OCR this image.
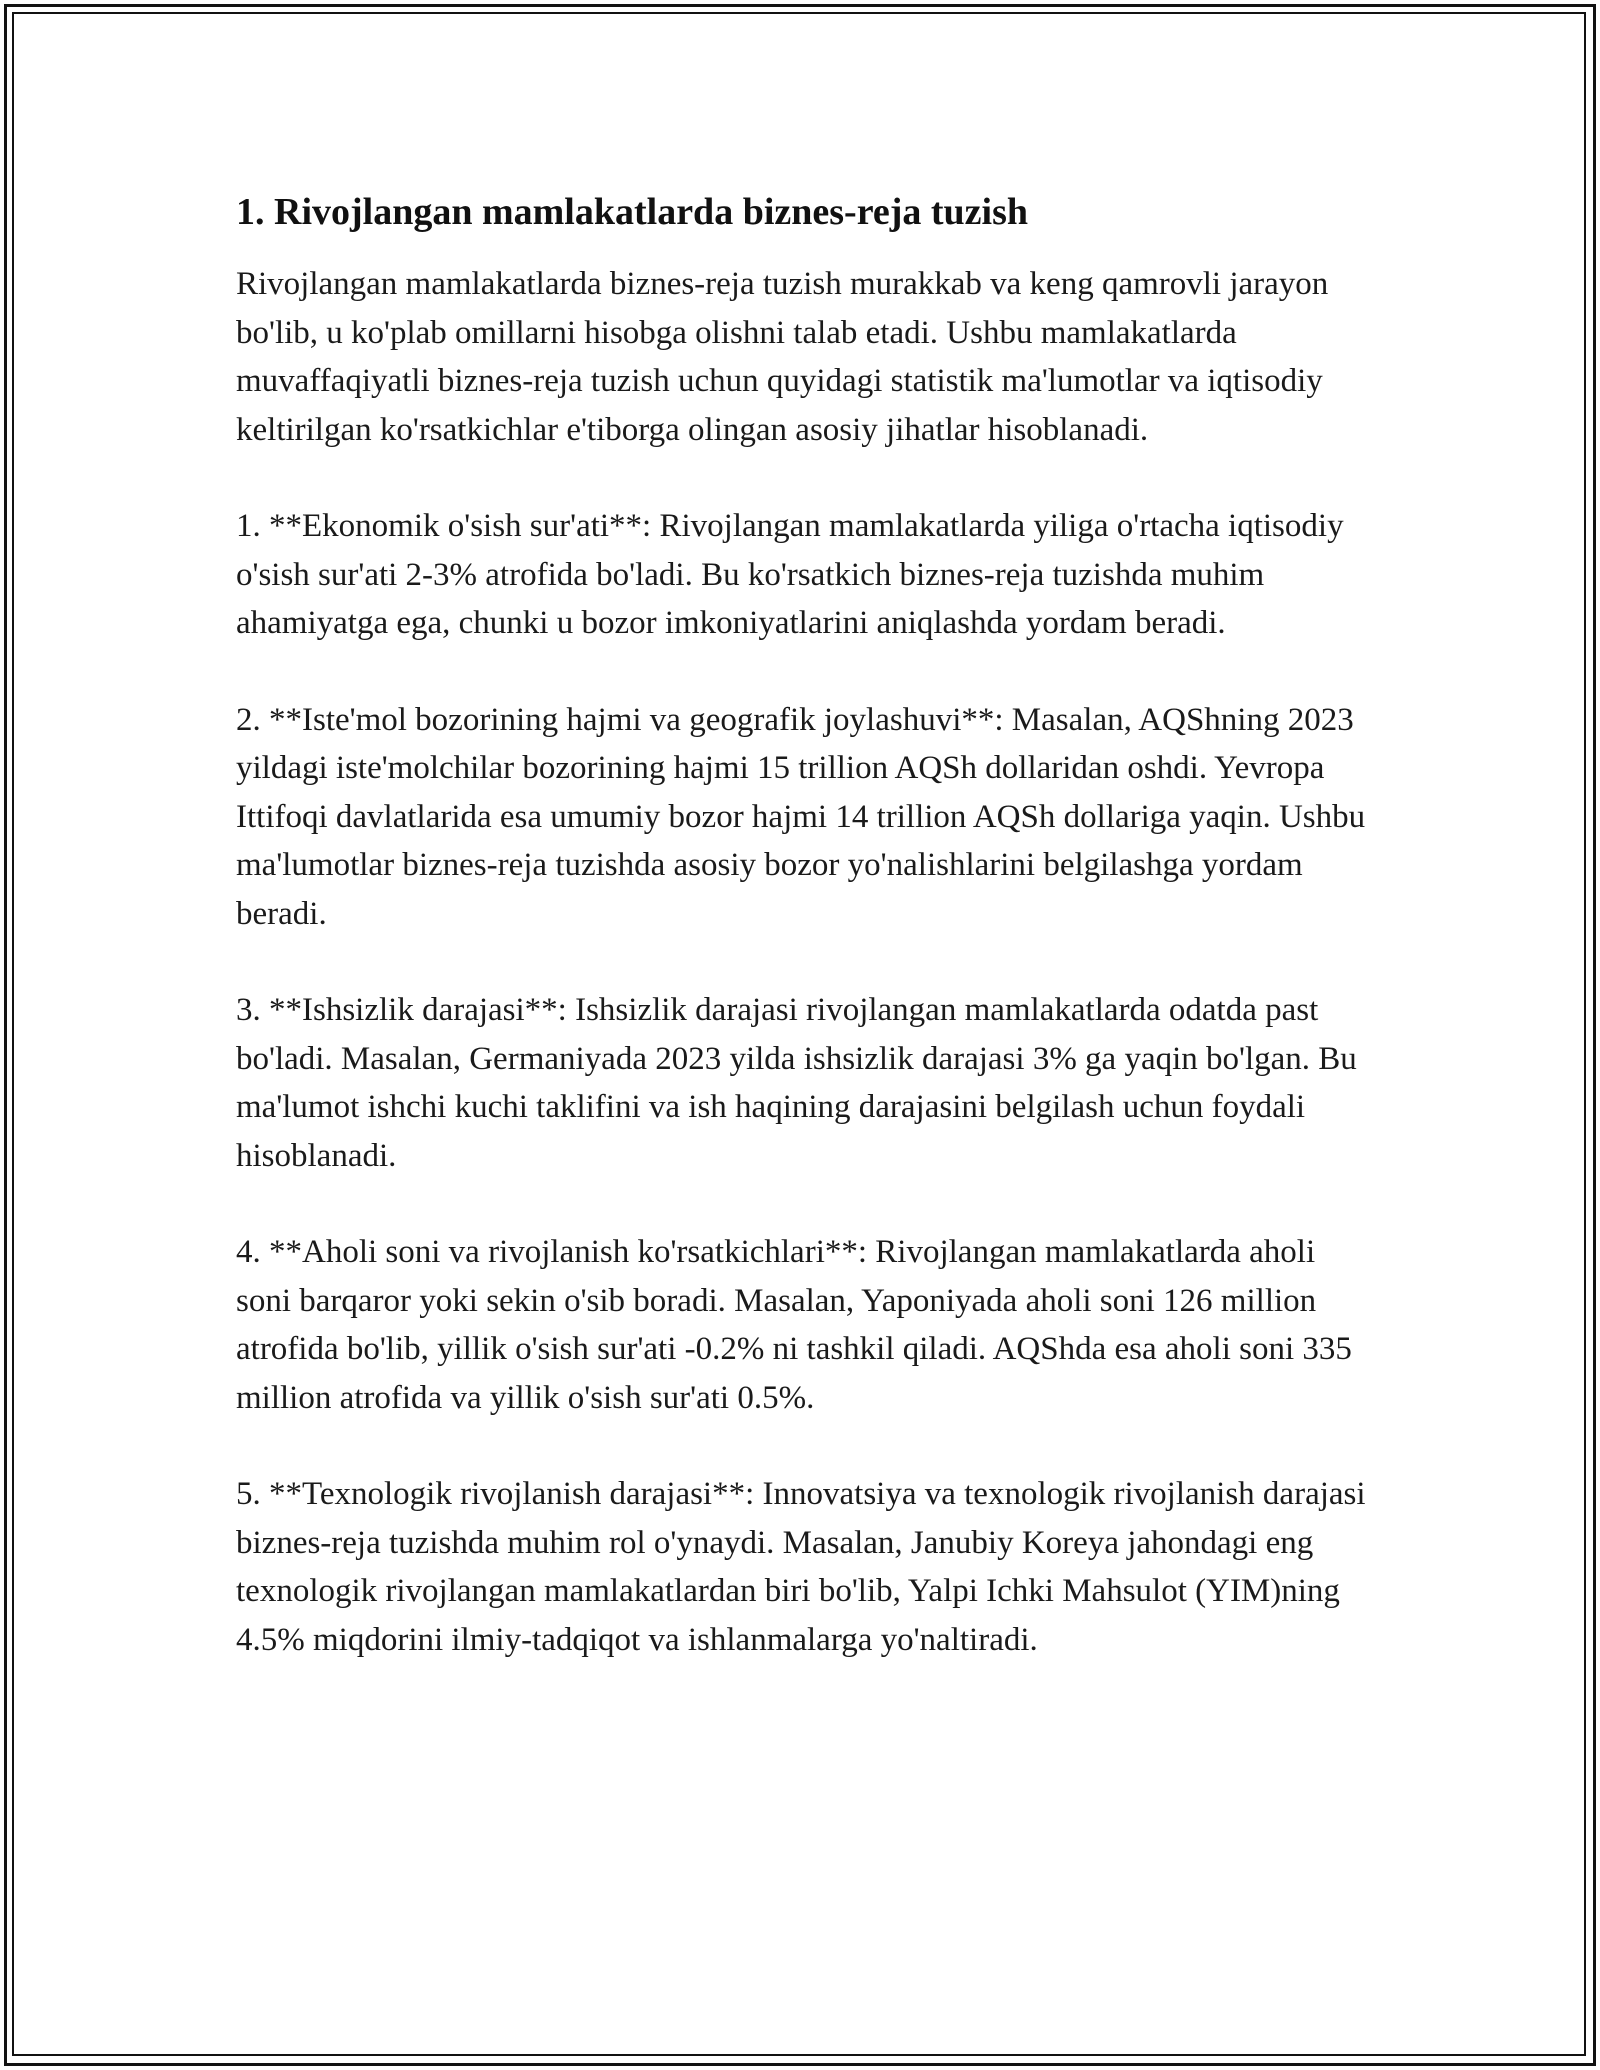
1. Rivojlangan mamlakatlarda biznes-reja tuzish

Rivojlangan mamlakatlarda biznes-reja tuzish murakkab va keng qamrovli jarayon bo'lib, u ko'plab omillarni hisobga olishni talab etadi. Ushbu mamlakatlarda muvaffaqiyatli biznes-reja tuzish uchun quyidagi statistik ma'lumotlar va iqtisodiy keltirilgan ko'rsatkichlar e'tiborga olingan asosiy jihatlar hisoblanadi.

1. **Ekonomik o'sish sur'ati**: Rivojlangan mamlakatlarda yiliga o'rtacha iqtisodiy o'sish sur'ati 2-3% atrofida bo'ladi. Bu ko'rsatkich biznes-reja tuzishda muhim ahamiyatga ega, chunki u bozor imkoniyatlarini aniqlashda yordam beradi.

2. **Iste'mol bozorining hajmi va geografik joylashuvi**: Masalan, AQShning 2023 yildagi iste'molchilar bozorining hajmi 15 trillion AQSh dollaridan oshdi. Yevropa Ittifoqi davlatlarida esa umumiy bozor hajmi 14 trillion AQSh dollariga yaqin. Ushbu ma'lumotlar biznes-reja tuzishda asosiy bozor yo'nalishlarini belgilashga yordam beradi.

3. **Ishsizlik darajasi**: Ishsizlik darajasi rivojlangan mamlakatlarda odatda past bo'ladi. Masalan, Germaniyada 2023 yilda ishsizlik darajasi 3% ga yaqin bo'lgan. Bu ma'lumot ishchi kuchi taklifini va ish haqining darajasini belgilash uchun foydali hisoblanadi.

4. **Aholi soni va rivojlanish ko'rsatkichlari**: Rivojlangan mamlakatlarda aholi soni barqaror yoki sekin o'sib boradi. Masalan, Yaponiyada aholi soni 126 million atrofida bo'lib, yillik o'sish sur'ati -0.2% ni tashkil qiladi. AQShda esa aholi soni 335 million atrofida va yillik o'sish sur'ati 0.5%.

5. **Texnologik rivojlanish darajasi**: Innovatsiya va texnologik rivojlanish darajasi biznes-reja tuzishda muhim rol o'ynaydi. Masalan, Janubiy Koreya jahondagi eng texnologik rivojlangan mamlakatlardan biri bo'lib, Yalpi Ichki Mahsulot (YIM)ning 4.5% miqdorini ilmiy-tadqiqot va ishlanmalarga yo'naltiradi.
